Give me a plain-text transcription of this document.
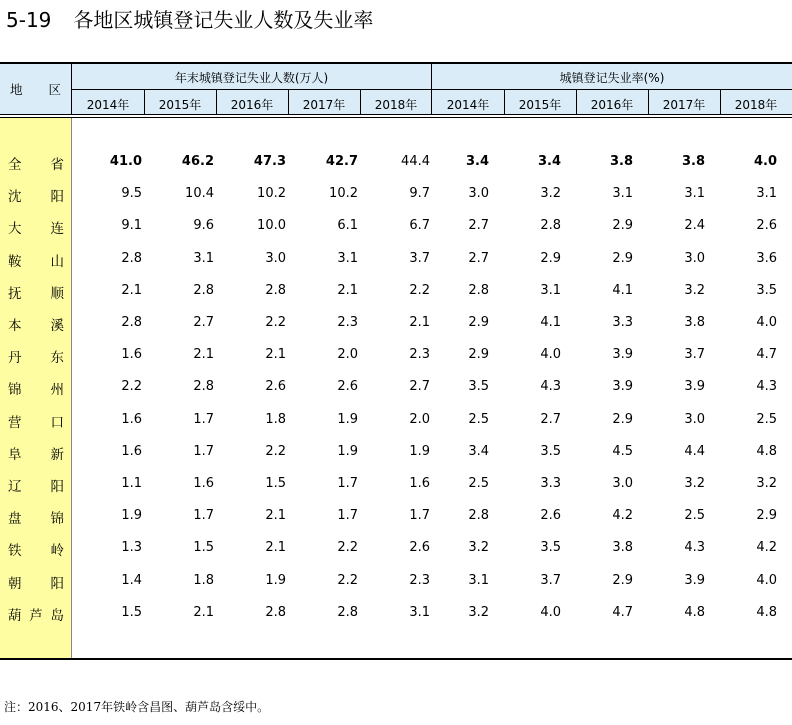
5-19 各地区城镇登记失业人数及失业率
地 区
年末城镇登记失业人数(万人)	城镇登记失业率(%)
2014年	2015年	2016年	2017年	2018年	2014年	2015年	2016年	2017年	2018年
全 省	41.0	46.2	47.3	42.7	44.4	3.4	3.4	3.8	3.8	4.0
沈 阳	9.5	10.4	10.2	10.2	9.7	3.0	3.2	3.1	3.1	3.1
大 连	9.1	9.6	10.0	6.1	6.7	2.7	2.8	2.9	2.4	2.6
鞍 山	2.8	3.1	3.0	3.1	3.7	2.7	2.9	2.9	3.0	3.6
抚 顺	2.1	2.8	2.8	2.1	2.2	2.8	3.1	4.1	3.2	3.5
本 溪	2.8	2.7	2.2	2.3	2.1	2.9	4.1	3.3	3.8	4.0
丹 东	1.6	2.1	2.1	2.0	2.3	2.9	4.0	3.9	3.7	4.7
锦 州	2.2	2.8	2.6	2.6	2.7	3.5	4.3	3.9	3.9	4.3
营 口	1.6	1.7	1.8	1.9	2.0	2.5	2.7	2.9	3.0	2.5
阜 新	1.6	1.7	2.2	1.9	1.9	3.4	3.5	4.5	4.4	4.8
辽 阳	1.1	1.6	1.5	1.7	1.6	2.5	3.3	3.0	3.2	3.2
盘 锦	1.9	1.7	2.1	1.7	1.7	2.8	2.6	4.2	2.5	2.9
铁 岭	1.3	1.5	2.1	2.2	2.6	3.2	3.5	3.8	4.3	4.2
朝 阳	1.4	1.8	1.9	2.2	2.3	3.1	3.7	2.9	3.9	4.0
葫 芦 岛	1.5	2.1	2.8	2.8	3.1	3.2	4.0	4.7	4.8	4.8
注：2016、2017年铁岭含昌图、葫芦岛含绥中。
